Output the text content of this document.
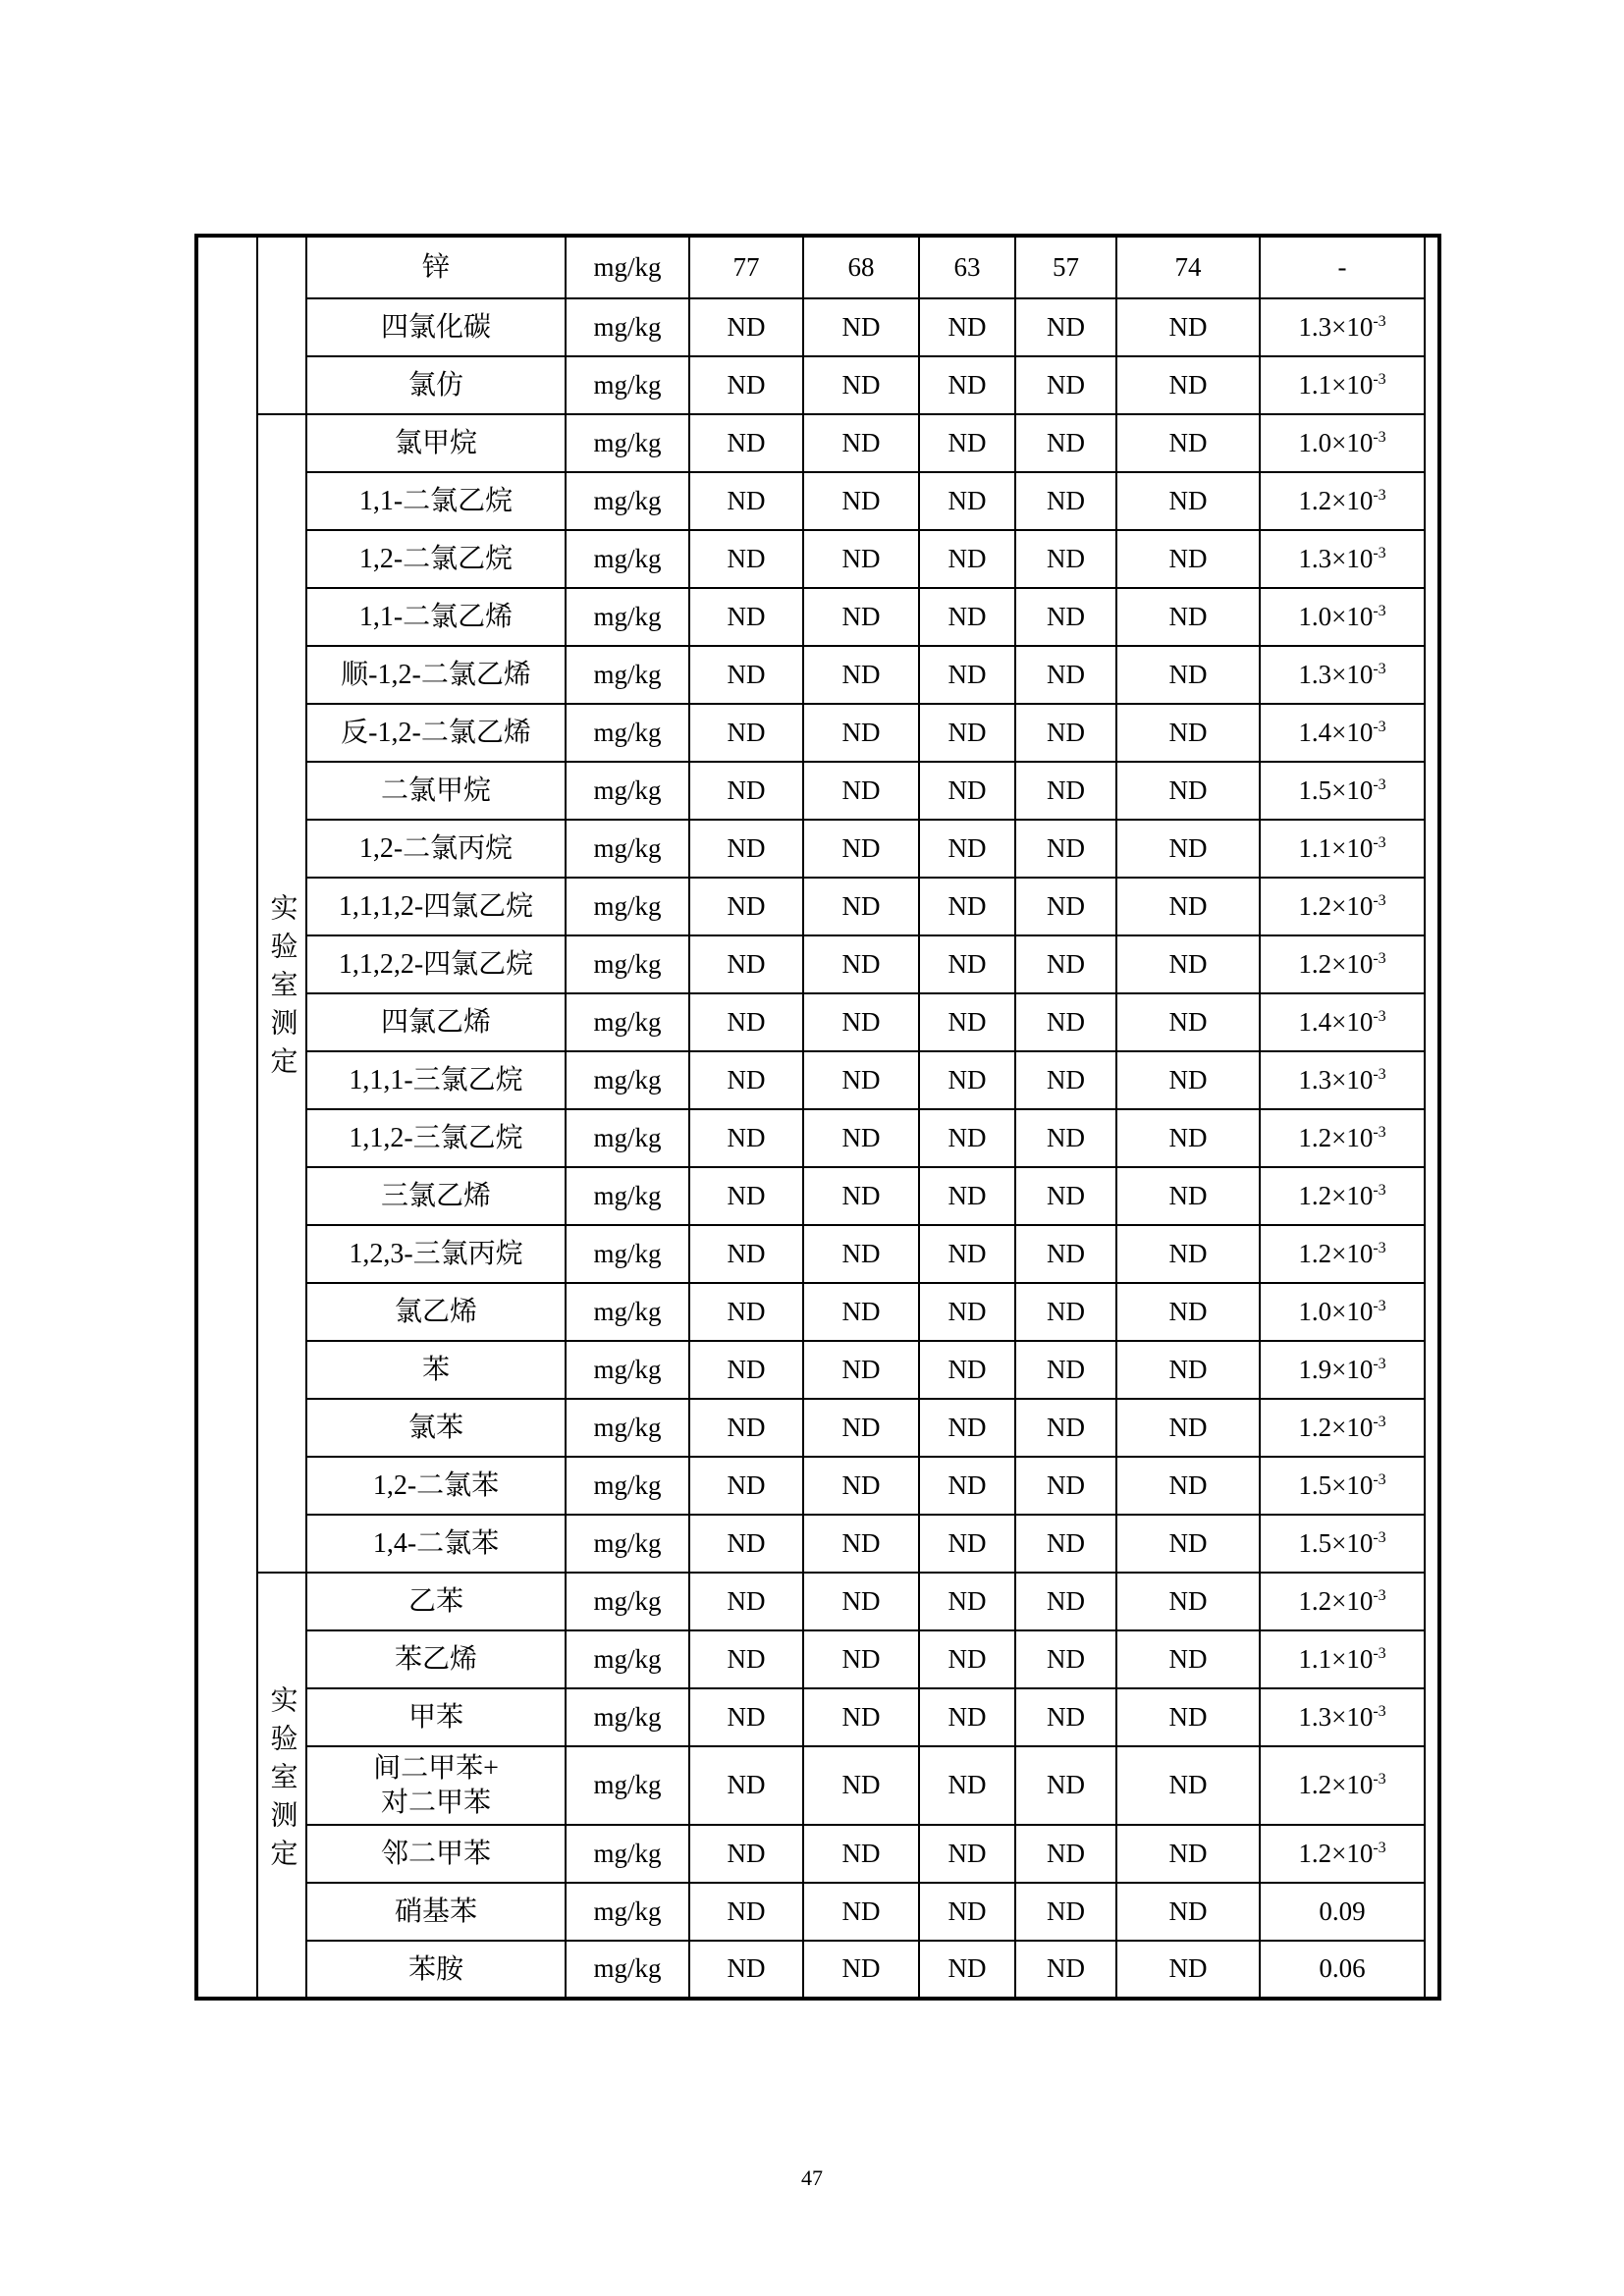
		锌	mg/kg	77	68	63	57	74	-	
		四氯化碳	mg/kg	ND	ND	ND	ND	ND	$1.3\times 10^{-3}$
		氯仿	mg/kg	ND	ND	ND	ND	ND	$1.1\times 10^{-3}$
	实验室测定	氯甲烷	mg/kg	ND	ND	ND	ND	ND	$1.0\times 10^{-3}$
		1,1-二氯乙烷	mg/kg	ND	ND	ND	ND	ND	$1.2\times 10^{-3}$
		1,2-二氯乙烷	mg/kg	ND	ND	ND	ND	ND	$1.3\times 10^{-3}$
		1,1-二氯乙烯	mg/kg	ND	ND	ND	ND	ND	$1.0\times 10^{-3}$
		顺-1,2-二氯乙烯	mg/kg	ND	ND	ND	ND	ND	$1.3\times 10^{-3}$
		反-1,2-二氯乙烯	mg/kg	ND	ND	ND	ND	ND	$1.4\times 10^{-3}$
		二氯甲烷	mg/kg	ND	ND	ND	ND	ND	$1.5\times 10^{-3}$
		1,2-二氯丙烷	mg/kg	ND	ND	ND	ND	ND	$1.1\times 10^{-3}$
		1,1,1,2-四氯乙烷	mg/kg	ND	ND	ND	ND	ND	$1.2\times 10^{-3}$
		1,1,2,2-四氯乙烷	mg/kg	ND	ND	ND	ND	ND	$1.2\times 10^{-3}$
		四氯乙烯	mg/kg	ND	ND	ND	ND	ND	$1.4\times 10^{-3}$
		1,1,1-三氯乙烷	mg/kg	ND	ND	ND	ND	ND	$1.3\times 10^{-3}$
		1,1,2-三氯乙烷	mg/kg	ND	ND	ND	ND	ND	$1.2\times 10^{-3}$
		三氯乙烯	mg/kg	ND	ND	ND	ND	ND	$1.2\times 10^{-3}$
		1,2,3-三氯丙烷	mg/kg	ND	ND	ND	ND	ND	$1.2\times 10^{-3}$
		氯乙烯	mg/kg	ND	ND	ND	ND	ND	$1.0\times 10^{-3}$
		苯	mg/kg	ND	ND	ND	ND	ND	$1.9\times 10^{-3}$
		氯苯	mg/kg	ND	ND	ND	ND	ND	$1.2\times 10^{-3}$
		1,2-二氯苯	mg/kg	ND	ND	ND	ND	ND	$1.5\times 10^{-3}$
		1,4-二氯苯	mg/kg	ND	ND	ND	ND	ND	$1.5\times 10^{-3}$
	实验室测定	乙苯	mg/kg	ND	ND	ND	ND	ND	$1.2\times 10^{-3}$
		苯乙烯	mg/kg	ND	ND	ND	ND	ND	$1.1\times 10^{-3}$
		甲苯	mg/kg	ND	ND	ND	ND	ND	$1.3\times 10^{-3}$
		间二甲苯+
对二甲苯	mg/kg	ND	ND	ND	ND	ND	$1.2\times 10^{-3}$
		邻二甲苯	mg/kg	ND	ND	ND	ND	ND	$1.2\times 10^{-3}$
		硝基苯	mg/kg	ND	ND	ND	ND	ND	0.09	
		苯胺	mg/kg	ND	ND	ND	ND	ND	0.06	
47
